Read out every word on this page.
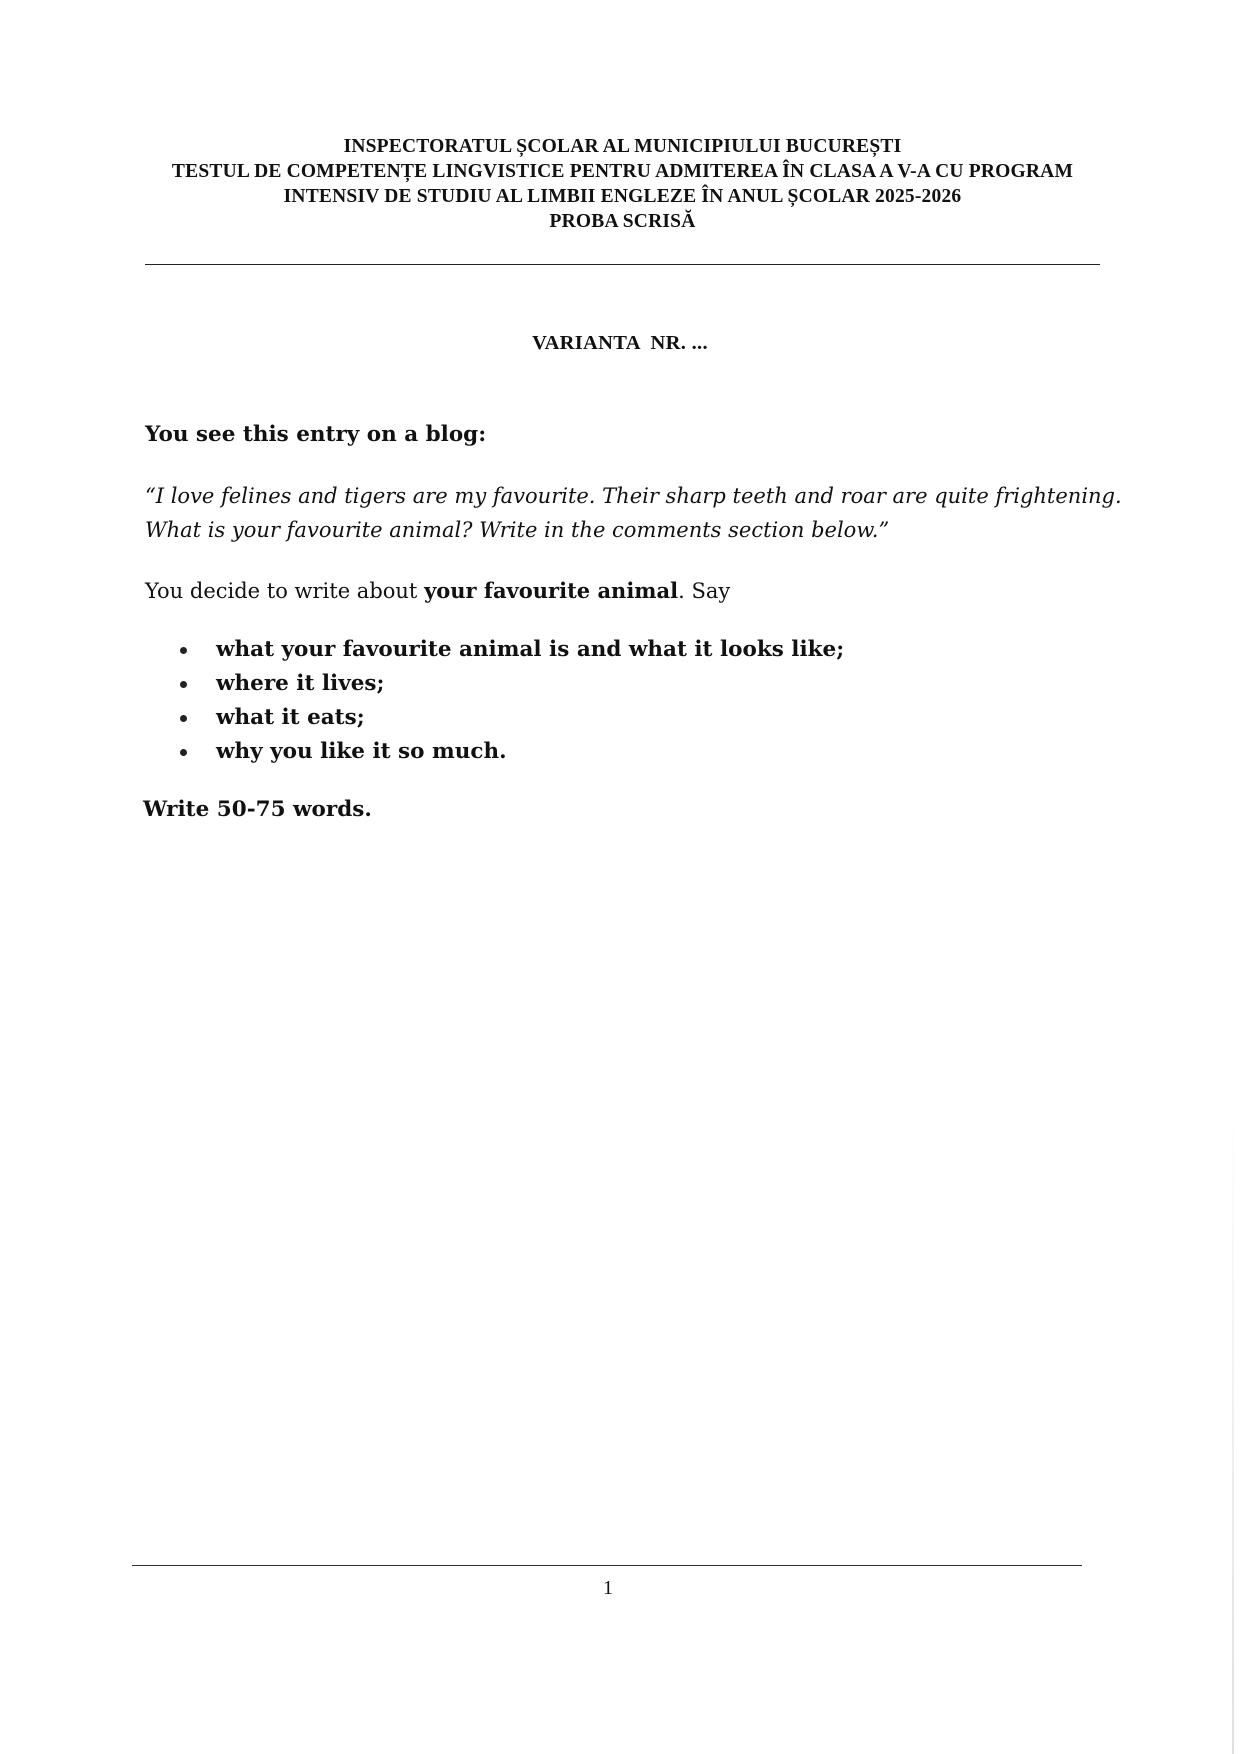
INSPECTORATUL ȘCOLAR AL MUNICIPIULUI BUCUREȘTI
TESTUL DE COMPETENȚE LINGVISTICE PENTRU ADMITEREA ÎN CLASA A V-A CU PROGRAM
INTENSIV DE STUDIU AL LIMBII ENGLEZE ÎN ANUL ȘCOLAR 2025-2026
PROBA SCRISĂ
VARIANTA  NR. ...
You see this entry on a blog:
“I love felines and tigers are my favourite. Their sharp teeth and roar are quite frightening.
What is your favourite animal? Write in the comments section below.”
You decide to write about your favourite animal. Say
what your favourite animal is and what it looks like;
where it lives;
what it eats;
why you like it so much.
Write 50-75 words.
1
